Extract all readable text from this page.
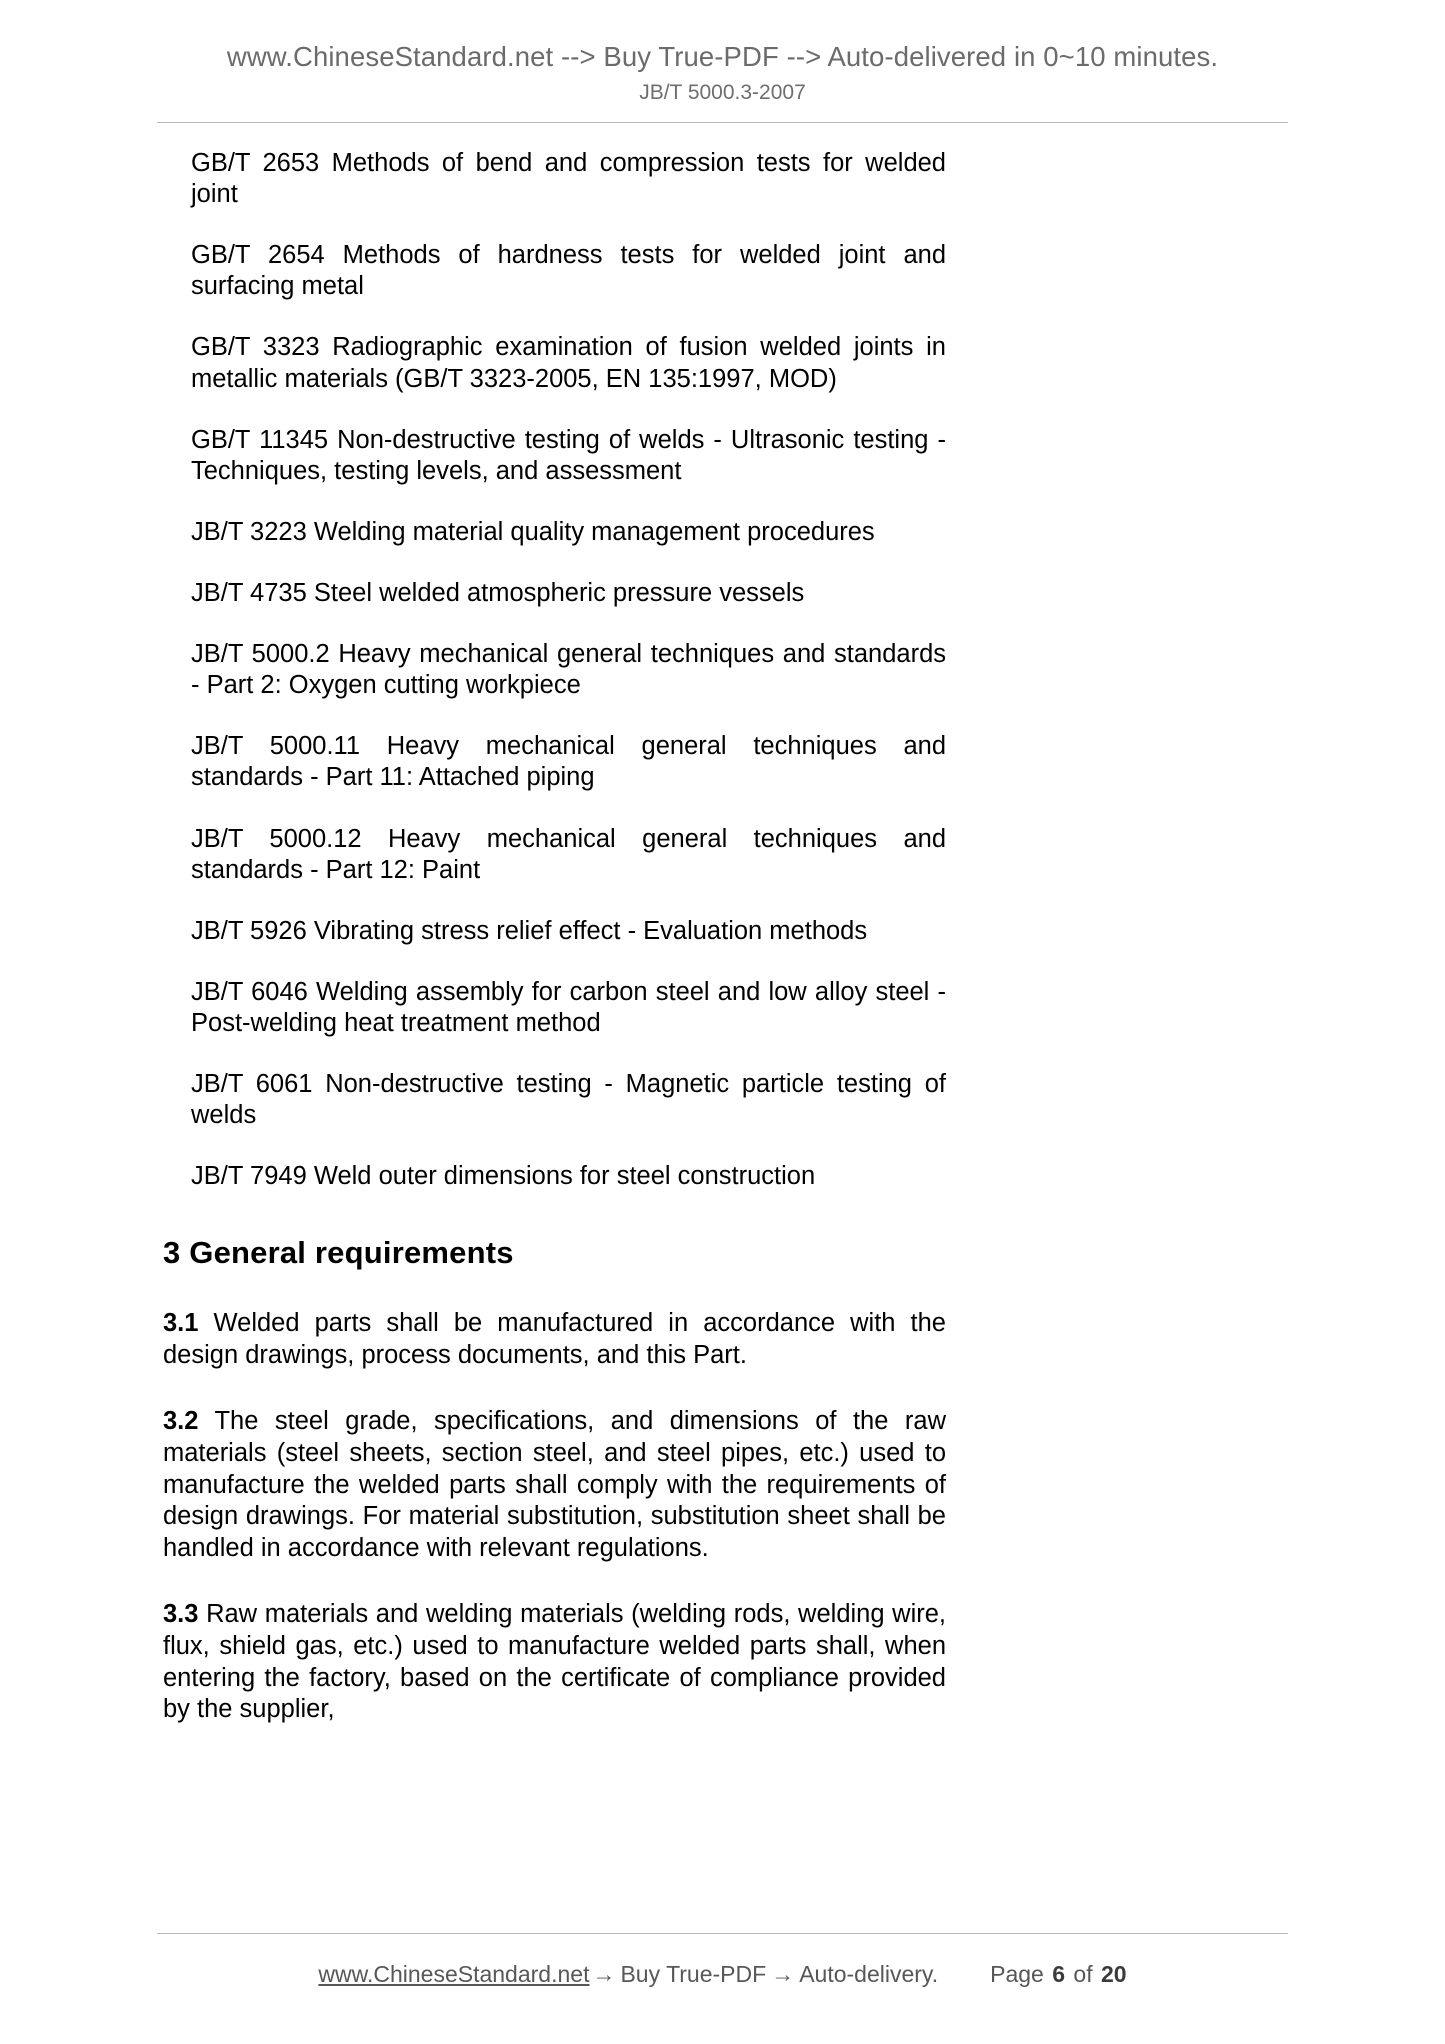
www.ChineseStandard.net --> Buy True-PDF --> Auto-delivered in 0~10 minutes.
JB/T 5000.3-2007

GB/T 2653 Methods of bend and compression tests for welded joint

GB/T 2654 Methods of hardness tests for welded joint and surfacing metal

GB/T 3323 Radiographic examination of fusion welded joints in metallic materials (GB/T 3323-2005, EN 135:1997, MOD)

GB/T 11345 Non-destructive testing of welds - Ultrasonic testing - Techniques, testing levels, and assessment

JB/T 3223 Welding material quality management procedures

JB/T 4735 Steel welded atmospheric pressure vessels

JB/T 5000.2 Heavy mechanical general techniques and standards - Part 2: Oxygen cutting workpiece

JB/T 5000.11 Heavy mechanical general techniques and standards - Part 11: Attached piping

JB/T 5000.12 Heavy mechanical general techniques and standards - Part 12: Paint

JB/T 5926 Vibrating stress relief effect - Evaluation methods

JB/T 6046 Welding assembly for carbon steel and low alloy steel - Post-welding heat treatment method

JB/T 6061 Non-destructive testing - Magnetic particle testing of welds

JB/T 7949 Weld outer dimensions for steel construction

3 General requirements

3.1 Welded parts shall be manufactured in accordance with the design drawings, process documents, and this Part.

3.2 The steel grade, specifications, and dimensions of the raw materials (steel sheets, section steel, and steel pipes, etc.) used to manufacture the welded parts shall comply with the requirements of design drawings. For material substitution, substitution sheet shall be handled in accordance with relevant regulations.

3.3 Raw materials and welding materials (welding rods, welding wire, flux, shield gas, etc.) used to manufacture welded parts shall, when entering the factory, based on the certificate of compliance provided by the supplier,

www.ChineseStandard.net → Buy True-PDF → Auto-delivery. Page 6 of 20
